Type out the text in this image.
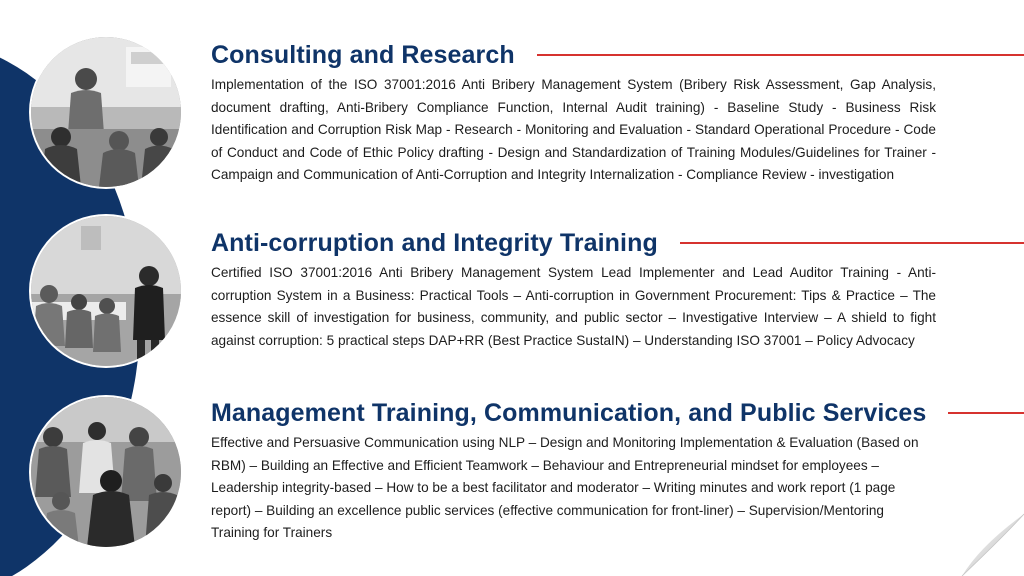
Consulting and Research

Implementation of the ISO 37001:2016 Anti Bribery Management System (Bribery Risk Assessment, Gap Analysis, document drafting, Anti-Bribery Compliance Function, Internal Audit training) - Baseline Study - Business Risk Identification and Corruption Risk Map - Research - Monitoring and Evaluation - Standard Operational Procedure - Code of Conduct and Code of Ethic Policy drafting - Design and Standardization of Training Modules/Guidelines for Trainer - Campaign and Communication of Anti-Corruption and Integrity Internalization - Compliance Review - investigation

Anti-corruption and Integrity Training

Certified ISO 37001:2016 Anti Bribery Management System Lead Implementer and Lead Auditor Training - Anti-corruption System in a Business: Practical Tools – Anti-corruption in Government Procurement: Tips & Practice – The essence skill of investigation for business, community, and public sector – Investigative Interview – A shield to fight against corruption: 5 practical steps DAP+RR (Best Practice SustaIN) – Understanding ISO 37001 – Policy Advocacy

Management Training, Communication, and Public Services

Effective and Persuasive Communication using NLP – Design and Monitoring Implementation & Evaluation (Based on RBM) – Building an Effective and Efficient Teamwork – Behaviour and Entrepreneurial mindset for employees – Leadership integrity-based – How to be a best facilitator and moderator – Writing minutes and work report (1 page report) – Building an excellence public services (effective communication for front-liner) – Supervision/Mentoring Training for Trainers
